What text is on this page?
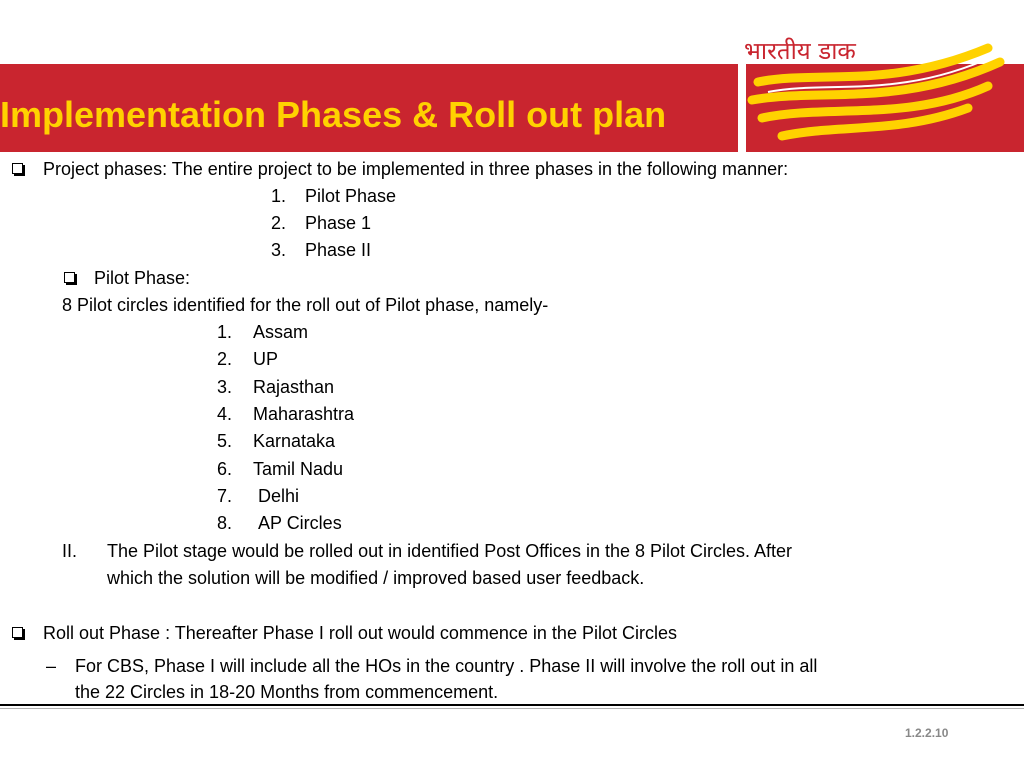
Implementation Phases & Roll out plan
भारतीय डाक
Project phases: The entire project to be implemented in three phases in the following manner:
1. Pilot Phase
2. Phase 1
3. Phase II
Pilot Phase:
8 Pilot circles identified for the roll out of Pilot phase, namely-
1. Assam
2. UP
3. Rajasthan
4. Maharashtra
5. Karnataka
6. Tamil Nadu
7. Delhi
8. AP Circles
II. The Pilot stage would be rolled out in identified Post Offices in the 8 Pilot Circles. After
which the solution will be modified / improved based user feedback.
Roll out Phase : Thereafter Phase I roll out would commence in the Pilot Circles
– For CBS, Phase I will include all the HOs in the country . Phase II will involve the roll out in all
the 22 Circles in 18-20 Months from commencement.
1.2.2.10
